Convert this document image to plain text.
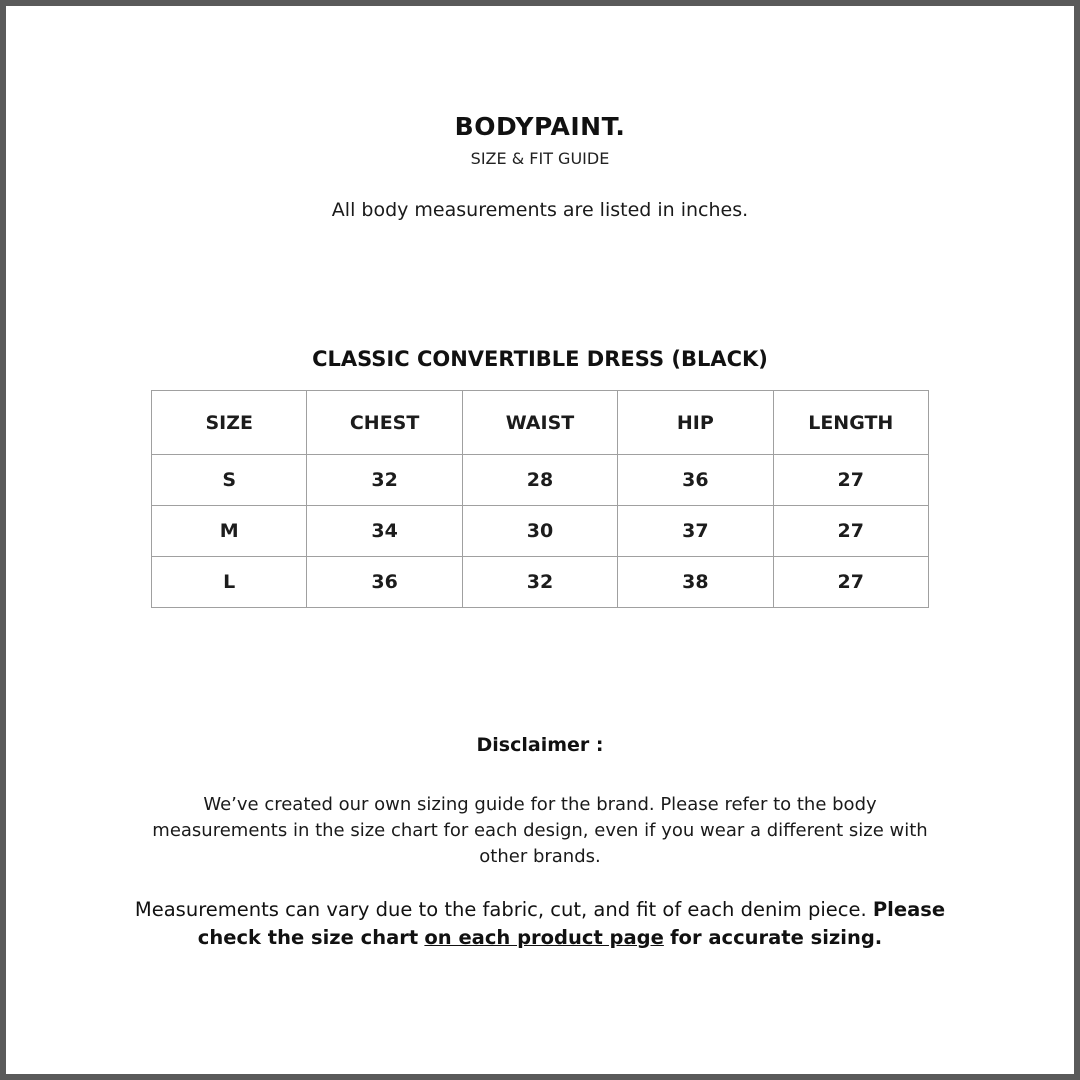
BODYPAINT.
SIZE & FIT GUIDE
All body measurements are listed in inches.
CLASSIC CONVERTIBLE DRESS (BLACK)
SIZE	CHEST	WAIST	HIP	LENGTH
S	32	28	36	27
M	34	30	37	27
L	36	32	38	27
Disclaimer :
We’ve created our own sizing guide for the brand. Please refer to the body measurements in the size chart for each design, even if you wear a different size with other brands.
Measurements can vary due to the fabric, cut, and fit of each denim piece. Please check the size chart on each product page for accurate sizing.
